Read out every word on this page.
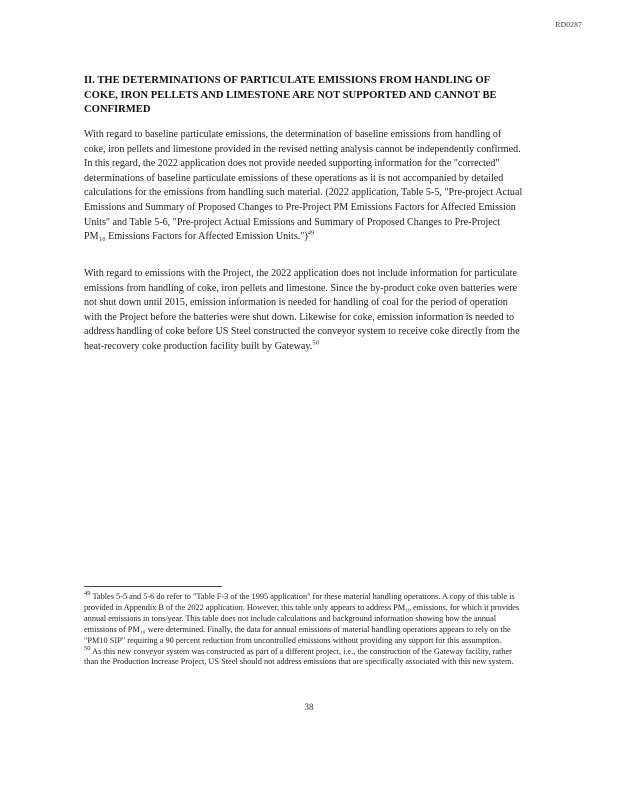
RD0287
II. THE DETERMINATIONS OF PARTICULATE EMISSIONS FROM HANDLING OF COKE, IRON PELLETS AND LIMESTONE ARE NOT SUPPORTED AND CANNOT BE CONFIRMED

With regard to baseline particulate emissions, the determination of baseline emissions from handling of coke, iron pellets and limestone provided in the revised netting analysis cannot be independently confirmed. In this regard, the 2022 application does not provide needed supporting information for the "corrected" determinations of baseline particulate emissions of these operations as it is not accompanied by detailed calculations for the emissions from handling such material. (2022 application, Table 5-5, "Pre-project Actual Emissions and Summary of Proposed Changes to Pre-Project PM Emissions Factors for Affected Emission Units" and Table 5-6, "Pre-project Actual Emissions and Summary of Proposed Changes to Pre-Project PM₁₀ Emissions Factors for Affected Emission Units.")$^{49}$

With regard to emissions with the Project, the 2022 application does not include information for particulate emissions from handling of coke, iron pellets and limestone. Since the by-product coke oven batteries were not shut down until 2015, emission information is needed for handling of coal for the period of operation with the Project before the batteries were shut down. Likewise for coke, emission information is needed to address handling of coke before US Steel constructed the conveyor system to receive coke directly from the heat-recovery coke production facility built by Gateway.$^{50}$

$^{49}$ Tables 5-5 and 5-6 do refer to "Table F-3 of the 1995 application" for these material handling operations. A copy of this table is provided in Appendix B of the 2022 application. However, this table only appears to address PM₁₀ emissions, for which it provides annual emissions in tons/year. This table does not include calculations and background information showing how the annual emissions of PM₁₀ were determined. Finally, the data for annual emissions of material handling operations appears to rely on the "PM10 SIP" requiring a 90 percent reduction from uncontrolled emissions without providing any support for this assumption.

$^{50}$ As this new conveyor system was constructed as part of a different project, i.e., the construction of the Gateway facility, rather than the Production Increase Project, US Steel should not address emissions that are specifically associated with this new system.

38
